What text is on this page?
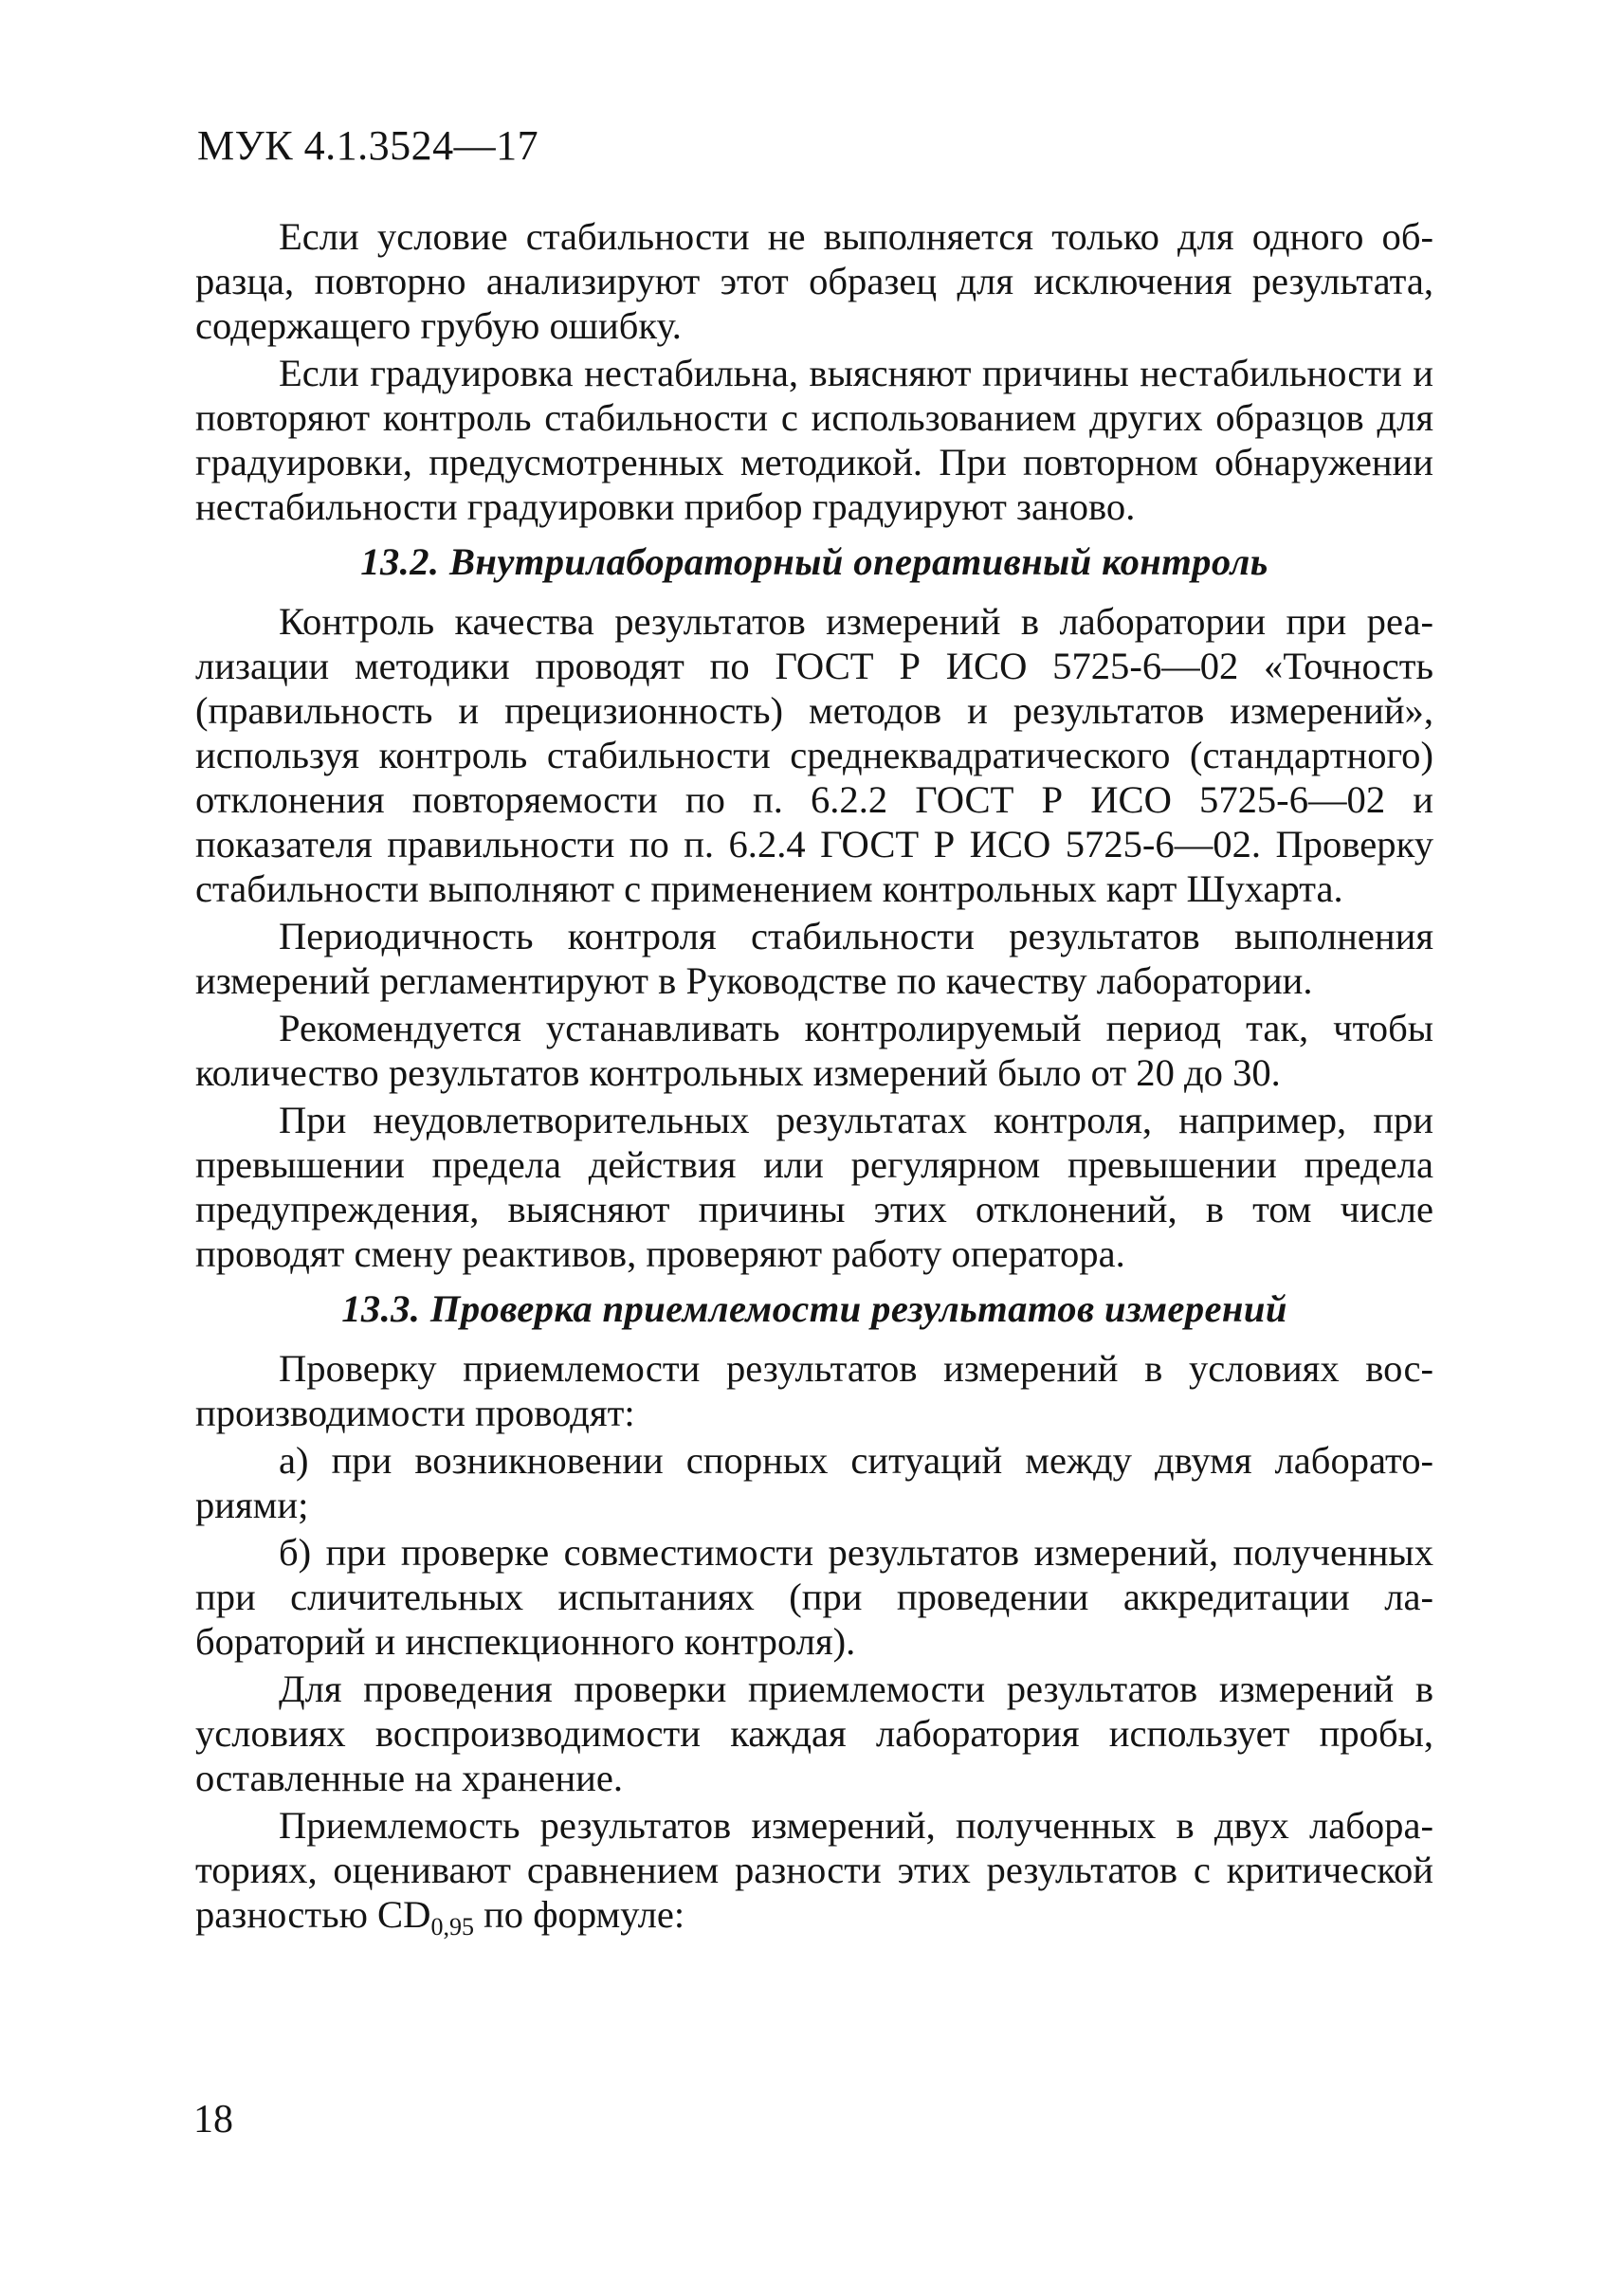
МУК 4.1.3524—17

Если условие стабильности не выполняется только для одного образца, повторно анализируют этот образец для исключения результата, содержащего грубую ошибку.

Если градуировка нестабильна, выясняют причины нестабильности и повторяют контроль стабильности с использованием других образцов для градуировки, предусмотренных методикой. При повторном обнаружении нестабильности градуировки прибор градуируют заново.

13.2. Внутрилабораторный оперативный контроль

Контроль качества результатов измерений в лаборатории при реализации методики проводят по ГОСТ Р ИСО 5725-6—02 «Точность (правильность и прецизионность) методов и результатов измерений», используя контроль стабильности среднеквадратического (стандартного) отклонения повторяемости по п. 6.2.2 ГОСТ Р ИСО 5725-6—02 и показателя правильности по п. 6.2.4 ГОСТ Р ИСО 5725-6—02. Проверку стабильности выполняют с применением контрольных карт Шухарта.

Периодичность контроля стабильности результатов выполнения измерений регламентируют в Руководстве по качеству лаборатории.

Рекомендуется устанавливать контролируемый период так, чтобы количество результатов контрольных измерений было от 20 до 30.

При неудовлетворительных результатах контроля, например, при превышении предела действия или регулярном превышении предела предупреждения, выясняют причины этих отклонений, в том числе проводят смену реактивов, проверяют работу оператора.

13.3. Проверка приемлемости результатов измерений

Проверку приемлемости результатов измерений в условиях воспроизводимости проводят:

а) при возникновении спорных ситуаций между двумя лабораториями;

б) при проверке совместимости результатов измерений, полученных при сличительных испытаниях (при проведении аккредитации лабораторий и инспекционного контроля).

Для проведения проверки приемлемости результатов измерений в условиях воспроизводимости каждая лаборатория использует пробы, оставленные на хранение.

Приемлемость результатов измерений, полученных в двух лабораториях, оценивают сравнением разности этих результатов с критической разностью $CD_{0,95}$ по формуле:

18
